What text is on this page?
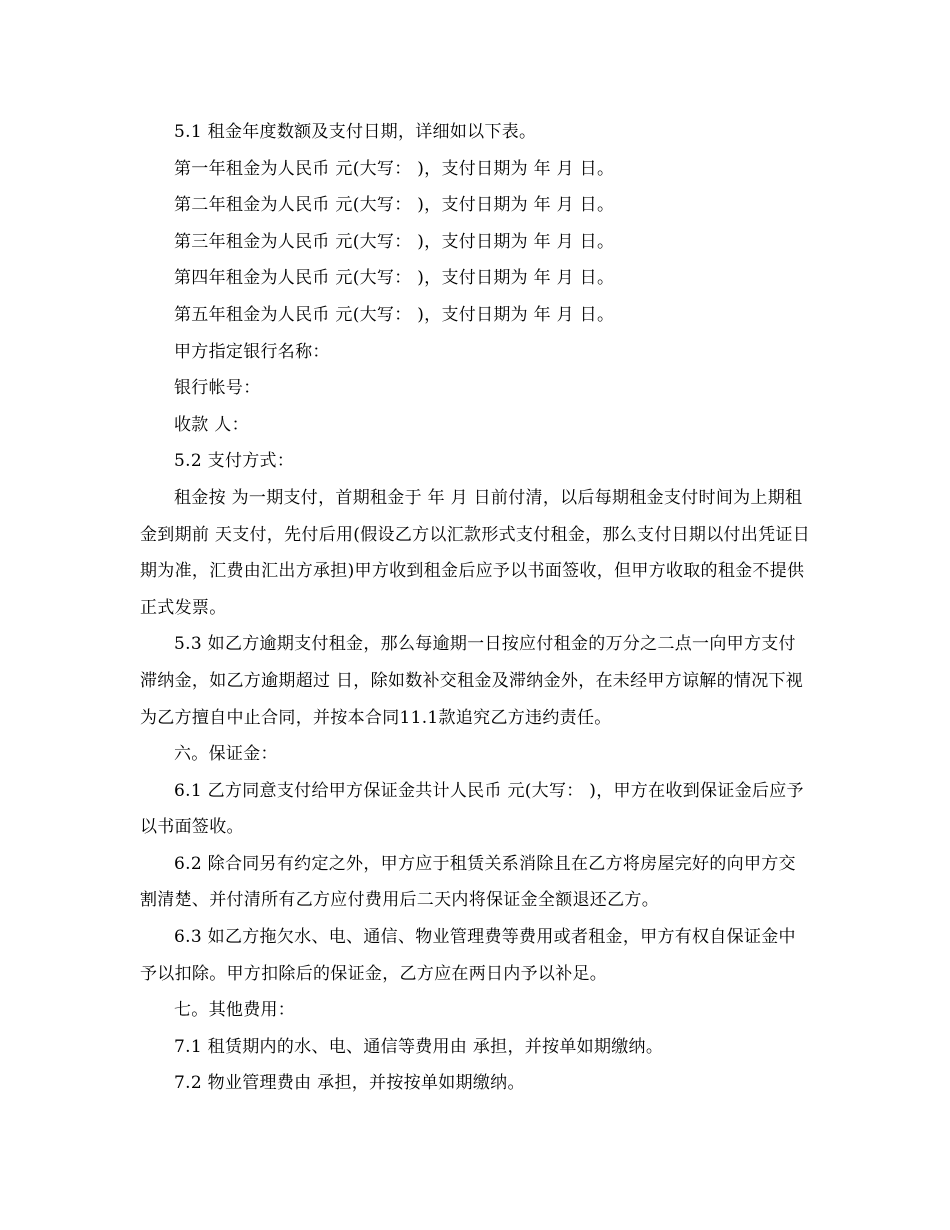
5.1 租金年度数额及支付日期，详细如以下表。

第一年租金为人民币 元(大写： )，支付日期为 年 月 日。

第二年租金为人民币 元(大写： )，支付日期为 年 月 日。

第三年租金为人民币 元(大写： )，支付日期为 年 月 日。

第四年租金为人民币 元(大写： )，支付日期为 年 月 日。

第五年租金为人民币 元(大写： )，支付日期为 年 月 日。

甲方指定银行名称：

银行帐号：

收款 人：

5.2 支付方式：

租金按 为一期支付，首期租金于 年 月 日前付清，以后每期租金支付时间为上期租金到期前 天支付，先付后用(假设乙方以汇款形式支付租金，那么支付日期以付出凭证日期为准，汇费由汇出方承担)甲方收到租金后应予以书面签收，但甲方收取的租金不提供正式发票。

5.3 如乙方逾期支付租金，那么每逾期一日按应付租金的万分之二点一向甲方支付滞纳金，如乙方逾期超过 日，除如数补交租金及滞纳金外，在未经甲方谅解的情况下视为乙方擅自中止合同，并按本合同11.1款追究乙方违约责任。

六。保证金：

6.1 乙方同意支付给甲方保证金共计人民币 元(大写： )，甲方在收到保证金后应予以书面签收。

6.2 除合同另有约定之外，甲方应于租赁关系消除且在乙方将房屋完好的向甲方交割清楚、并付清所有乙方应付费用后二天内将保证金全额退还乙方。

6.3 如乙方拖欠水、电、通信、物业管理费等费用或者租金，甲方有权自保证金中予以扣除。甲方扣除后的保证金，乙方应在两日内予以补足。

七。其他费用：

7.1 租赁期内的水、电、通信等费用由 承担，并按单如期缴纳。

7.2 物业管理费由 承担，并按按单如期缴纳。
